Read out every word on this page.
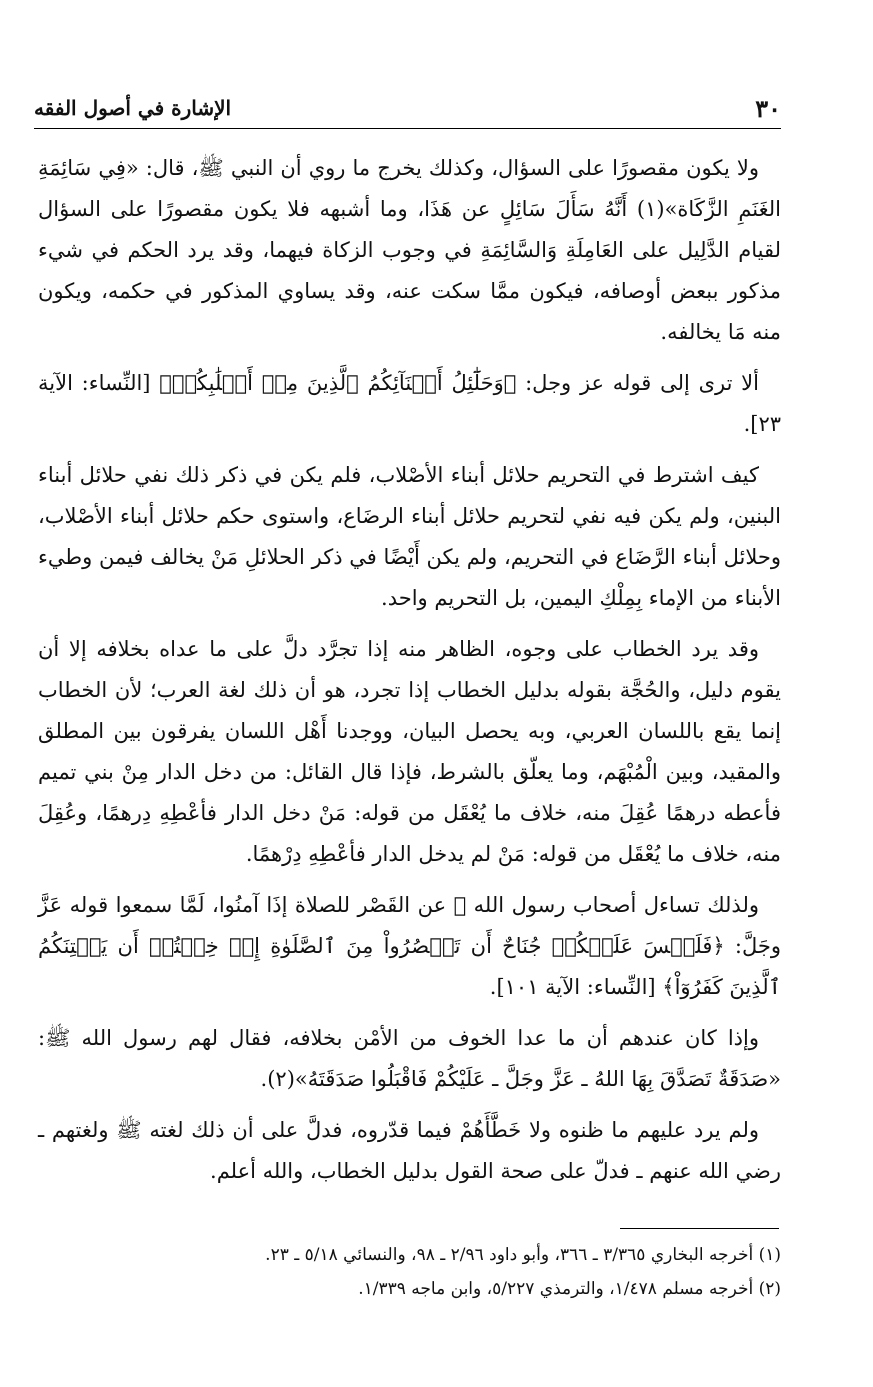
٣٠
الإشارة في أصول الفقه

ولا يكون مقصورًا على السؤال، وكذلك يخرج ما روي أن النبي ﷺ، قال: «فِي سَائِمَةِ الغَنَمِ الزَّكَاة»(١) أَنَّهُ سَأَلَ سَائِلٍ عن هَذَا، وما أشبهه فلا يكون مقصورًا على السؤال لقيام الدَّلِيل على العَامِلَةِ وَالسَّائِمَةِ في وجوب الزكاة فيهما، وقد يرد الحكم في شيء مذكور ببعض أوصافه، فيكون ممَّا سكت عنه، وقد يساوي المذكور في حكمه، ويكون منه مَا يخالفه.

ألا ترى إلى قوله عز وجل: ﴿وَحَلَٰٓئِلُ أَبۡنَآئِكُمُ ٱلَّذِينَ مِنۡ أَصۡلَٰبِكُمۡ﴾ [النِّساء: الآية ٢٣].

كيف اشترط في التحريم حلائل أبناء الأصْلاب، فلم يكن في ذكر ذلك نفي حلائل أبناء البنين، ولم يكن فيه نفي لتحريم حلائل أبناء الرضَاع، واستوى حكم حلائل أبناء الأصْلاب، وحلائل أبناء الرَّضَاع في التحريم، ولم يكن أَيْضًا في ذكر الحلائلِ مَنْ يخالف فيمن وطيء الأبناء من الإماء بِمِلْكِ اليمين، بل التحريم واحد.

وقد يرد الخطاب على وجوه، الظاهر منه إذا تجرَّد دلَّ على ما عداه بخلافه إلا أن يقوم دليل، والحُجَّة بقوله بدليل الخطاب إذا تجرد، هو أن ذلك لغة العرب؛ لأن الخطاب إنما يقع باللسان العربي، وبه يحصل البيان، ووجدنا أَهْل اللسان يفرقون بين المطلق والمقيد، وبين الْمُبْهَم، وما يعلّق بالشرط، فإذا قال القائل: من دخل الدار مِنْ بني تميم فأعطه درهمًا عُقِلَ منه، خلاف ما يُعْقَل من قوله: مَنْ دخل الدار فأعْطِهِ دِرهمًا، وعُقِلَ منه، خلاف ما يُعْقَل من قوله: مَنْ لم يدخل الدار فأعْطِهِ دِرْهمًا.

ولذلك تساءل أصحاب رسول الله ﷺ عن القَصْر للصلاة إذَا آمنُوا، لَمَّا سمعوا قوله عَزَّ وجَلَّ: ﴿فَلَيۡسَ عَلَيۡكُمۡ جُنَاحٌ أَن تَقۡصُرُواْ مِنَ ٱلصَّلَوٰةِ إِنۡ خِفۡتُمۡ أَن يَفۡتِنَكُمُ ٱلَّذِينَ كَفَرُوٓاْ﴾ [النِّساء: الآية ١٠١].

وإذا كان عندهم أن ما عدا الخوف من الأمْن بخلافه، فقال لهم رسول الله ﷺ: «صَدَقَةٌ تَصَدَّقَ بِهَا اللهُ ـ عَزَّ وجَلَّ ـ عَلَيْكُمْ فَاقْبَلُوا صَدَقَتَهُ»(٢).

ولم يرد عليهم ما ظنوه ولا خَطَّأَهُمْ فيما قدّروه، فدلَّ على أن ذلك لغته ﷺ ولغتهم ـ رضي الله عنهم ـ فدلّ على صحة القول بدليل الخطاب، والله أعلم.

(١) أخرجه البخاري ٣/٣٦٥ ـ ٣٦٦، وأبو داود ٢/٩٦ ـ ٩٨، والنسائي ٥/١٨ ـ ٢٣.
(٢) أخرجه مسلم ١/٤٧٨، والترمذي ٥/٢٢٧، وابن ماجه ١/٣٣٩.
